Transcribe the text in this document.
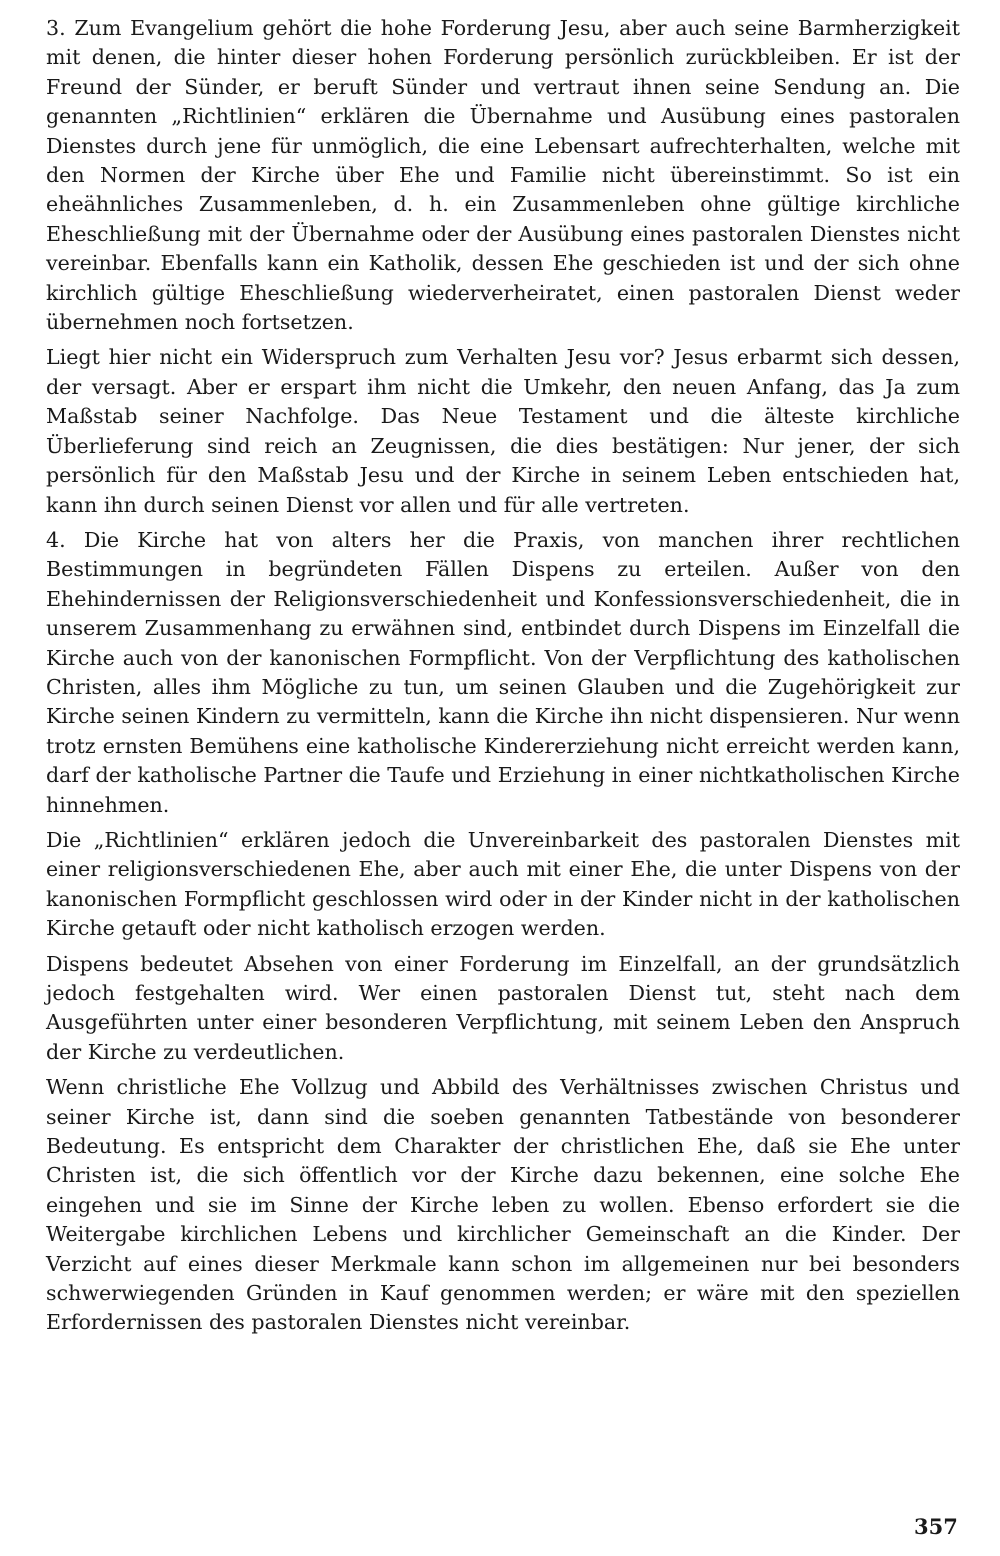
3. Zum Evangelium gehört die hohe Forderung Jesu, aber auch seine Barmherzigkeit mit denen, die hinter dieser hohen Forderung persönlich zurückbleiben. Er ist der Freund der Sünder, er beruft Sünder und vertraut ihnen seine Sendung an. Die genannten „Richtlinien“ erklären die Übernahme und Ausübung eines pastoralen Dienstes durch jene für unmöglich, die eine Lebensart aufrechterhalten, welche mit den Normen der Kirche über Ehe und Familie nicht übereinstimmt. So ist ein eheähnliches Zusammenleben, d. h. ein Zusammenleben ohne gültige kirchliche Eheschließung mit der Übernahme oder der Ausübung eines pastoralen Dienstes nicht vereinbar. Ebenfalls kann ein Katholik, dessen Ehe geschieden ist und der sich ohne kirchlich gültige Eheschließung wiederverheiratet, einen pastoralen Dienst weder übernehmen noch fortsetzen.

Liegt hier nicht ein Widerspruch zum Verhalten Jesu vor? Jesus erbarmt sich dessen, der versagt. Aber er erspart ihm nicht die Umkehr, den neuen Anfang, das Ja zum Maßstab seiner Nachfolge. Das Neue Testament und die älteste kirchliche Überlieferung sind reich an Zeugnissen, die dies bestätigen: Nur jener, der sich persönlich für den Maßstab Jesu und der Kirche in seinem Leben entschieden hat, kann ihn durch seinen Dienst vor allen und für alle vertreten.

4. Die Kirche hat von alters her die Praxis, von manchen ihrer rechtlichen Bestimmungen in begründeten Fällen Dispens zu erteilen. Außer von den Ehehindernissen der Religionsverschiedenheit und Konfessionsverschiedenheit, die in unserem Zusammenhang zu erwähnen sind, entbindet durch Dispens im Einzelfall die Kirche auch von der kanonischen Formpflicht. Von der Verpflichtung des katholischen Christen, alles ihm Mögliche zu tun, um seinen Glauben und die Zugehörigkeit zur Kirche seinen Kindern zu vermitteln, kann die Kirche ihn nicht dispensieren. Nur wenn trotz ernsten Bemühens eine katholische Kindererziehung nicht erreicht werden kann, darf der katholische Partner die Taufe und Erziehung in einer nichtkatholischen Kirche hinnehmen.

Die „Richtlinien“ erklären jedoch die Unvereinbarkeit des pastoralen Dienstes mit einer religionsverschiedenen Ehe, aber auch mit einer Ehe, die unter Dispens von der kanonischen Formpflicht geschlossen wird oder in der Kinder nicht in der katholischen Kirche getauft oder nicht katholisch erzogen werden.

Dispens bedeutet Absehen von einer Forderung im Einzelfall, an der grundsätzlich jedoch festgehalten wird. Wer einen pastoralen Dienst tut, steht nach dem Ausgeführten unter einer besonderen Verpflichtung, mit seinem Leben den Anspruch der Kirche zu verdeutlichen.

Wenn christliche Ehe Vollzug und Abbild des Verhältnisses zwischen Christus und seiner Kirche ist, dann sind die soeben genannten Tatbestände von besonderer Bedeutung. Es entspricht dem Charakter der christlichen Ehe, daß sie Ehe unter Christen ist, die sich öffentlich vor der Kirche dazu bekennen, eine solche Ehe eingehen und sie im Sinne der Kirche leben zu wollen. Ebenso erfordert sie die Weitergabe kirchlichen Lebens und kirchlicher Gemeinschaft an die Kinder. Der Verzicht auf eines dieser Merkmale kann schon im allgemeinen nur bei besonders schwerwiegenden Gründen in Kauf genommen werden; er wäre mit den speziellen Erfordernissen des pastoralen Dienstes nicht vereinbar.

357
